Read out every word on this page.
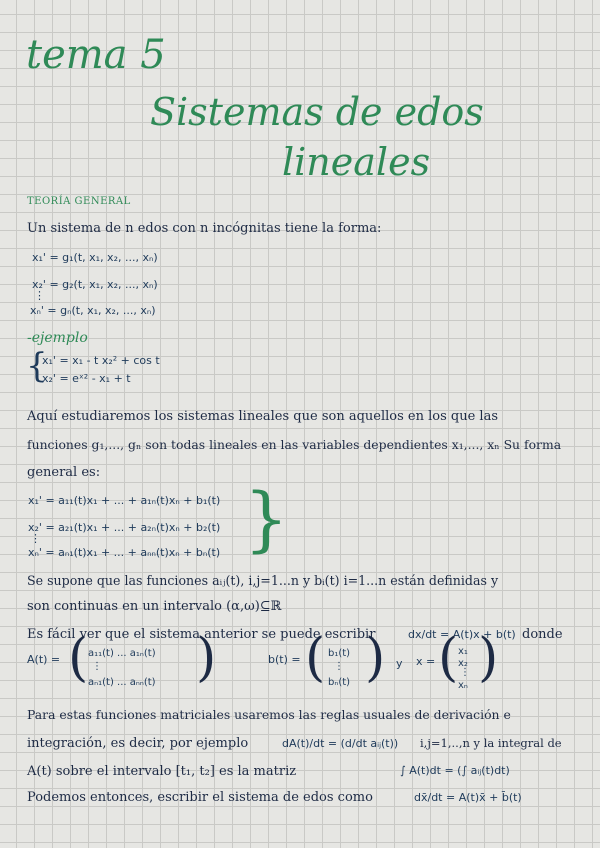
tema 5
Sistemas de edos
lineales
TEORÍA GENERAL
Un sistema de n edos con n incógnitas tiene la forma:
x₁' = g₁(t, x₁, x₂, ..., xₙ)
x₂' = g₂(t, x₁, x₂, ..., xₙ)
⋮
xₙ' = gₙ(t, x₁, x₂, ..., xₙ)
-ejemplo
{
x₁' = x₁ - t x₂² + cos t
x₂' = eˣ² - x₁ + t
Aquí estudiaremos los sistemas lineales que son aquellos en los que las
funciones g₁,..., gₙ son todas lineales en las variables dependientes x₁,..., xₙ Su forma
general es:
x₁' = a₁₁(t)x₁ + ... + a₁ₙ(t)xₙ + b₁(t)
x₂' = a₂₁(t)x₁ + ... + a₂ₙ(t)xₙ + b₂(t)
⋮
xₙ' = aₙ₁(t)x₁ + ... + aₙₙ(t)xₙ + bₙ(t) }
Se supone que las funciones aᵢⱼ(t), i,j=1...n y bᵢ(t) i=1...n están definidas y
son continuas en un intervalo (α,ω)⊆ℝ
Es fácil ver que el sistema anterior se puede escribir	dx/dt = A(t)x + b(t) donde
A(t) = ( a₁₁(t) ... a₁ₙ(t)
⋮
aₙ₁(t) ... aₙₙ(t) )	b(t) = ( b₁(t)
⋮
bₙ(t) ) y x = ( x₁
x₂
⋮
xₙ )
Para estas funciones matriciales usaremos las reglas usuales de derivación e
integración, es decir, por ejemplo	dA(t)/dt = (d/dt aᵢⱼ(t)) i,j=1,..,n y la integral de
A(t) sobre el intervalo [t₁, t₂] es la matriz	∫ A(t)dt = (∫ aᵢⱼ(t)dt)
Podemos entonces, escribir el sistema de edos como	dx̄/dt = A(t)x̄ + b̄(t)
